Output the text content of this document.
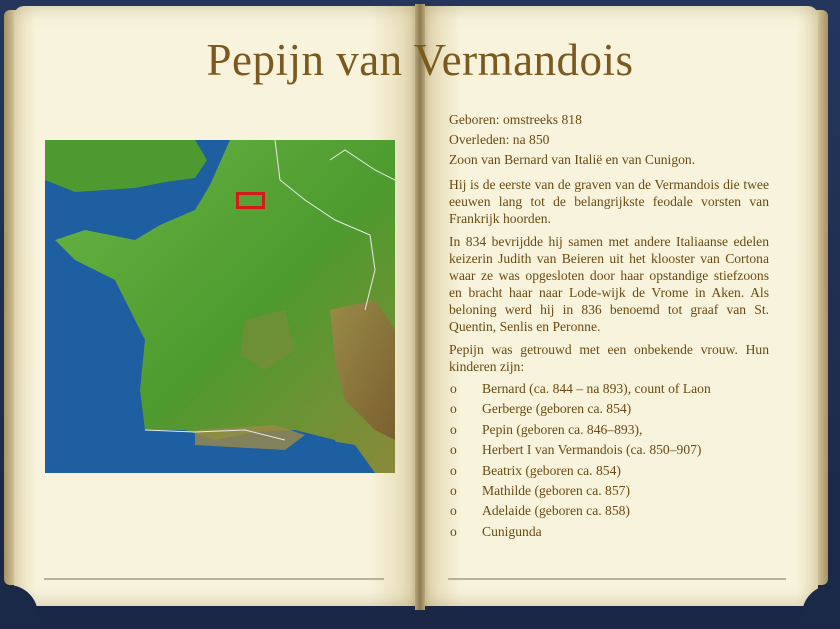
Pepijn van Vermandois

Geboren: omstreeks 818

Overleden: na 850

Zoon van Bernard van Italië en van Cunigon.

Hij is de eerste van de graven van de Vermandois die twee eeuwen lang tot de belangrijkste feodale vorsten van Frankrijk hoorden.

In 834 bevrijdde hij samen met andere Italiaanse edelen keizerin Judith van Beieren uit het klooster van Cortona waar ze was opgesloten door haar opstandige stiefzoons en bracht haar naar Lode-wijk de Vrome in Aken. Als beloning werd hij in 836 benoemd tot graaf van St. Quentin, Senlis en Peronne.

Pepijn was getrouwd met een onbekende vrouw. Hun kinderen zijn:

o Bernard (ca. 844 – na 893), count of Laon
o Gerberge (geboren ca. 854)
o Pepin (geboren ca. 846–893),
o Herbert I van Vermandois (ca. 850–907)
o Beatrix (geboren ca. 854)
o Mathilde (geboren ca. 857)
o Adelaide (geboren ca. 858)
o Cunigunda
